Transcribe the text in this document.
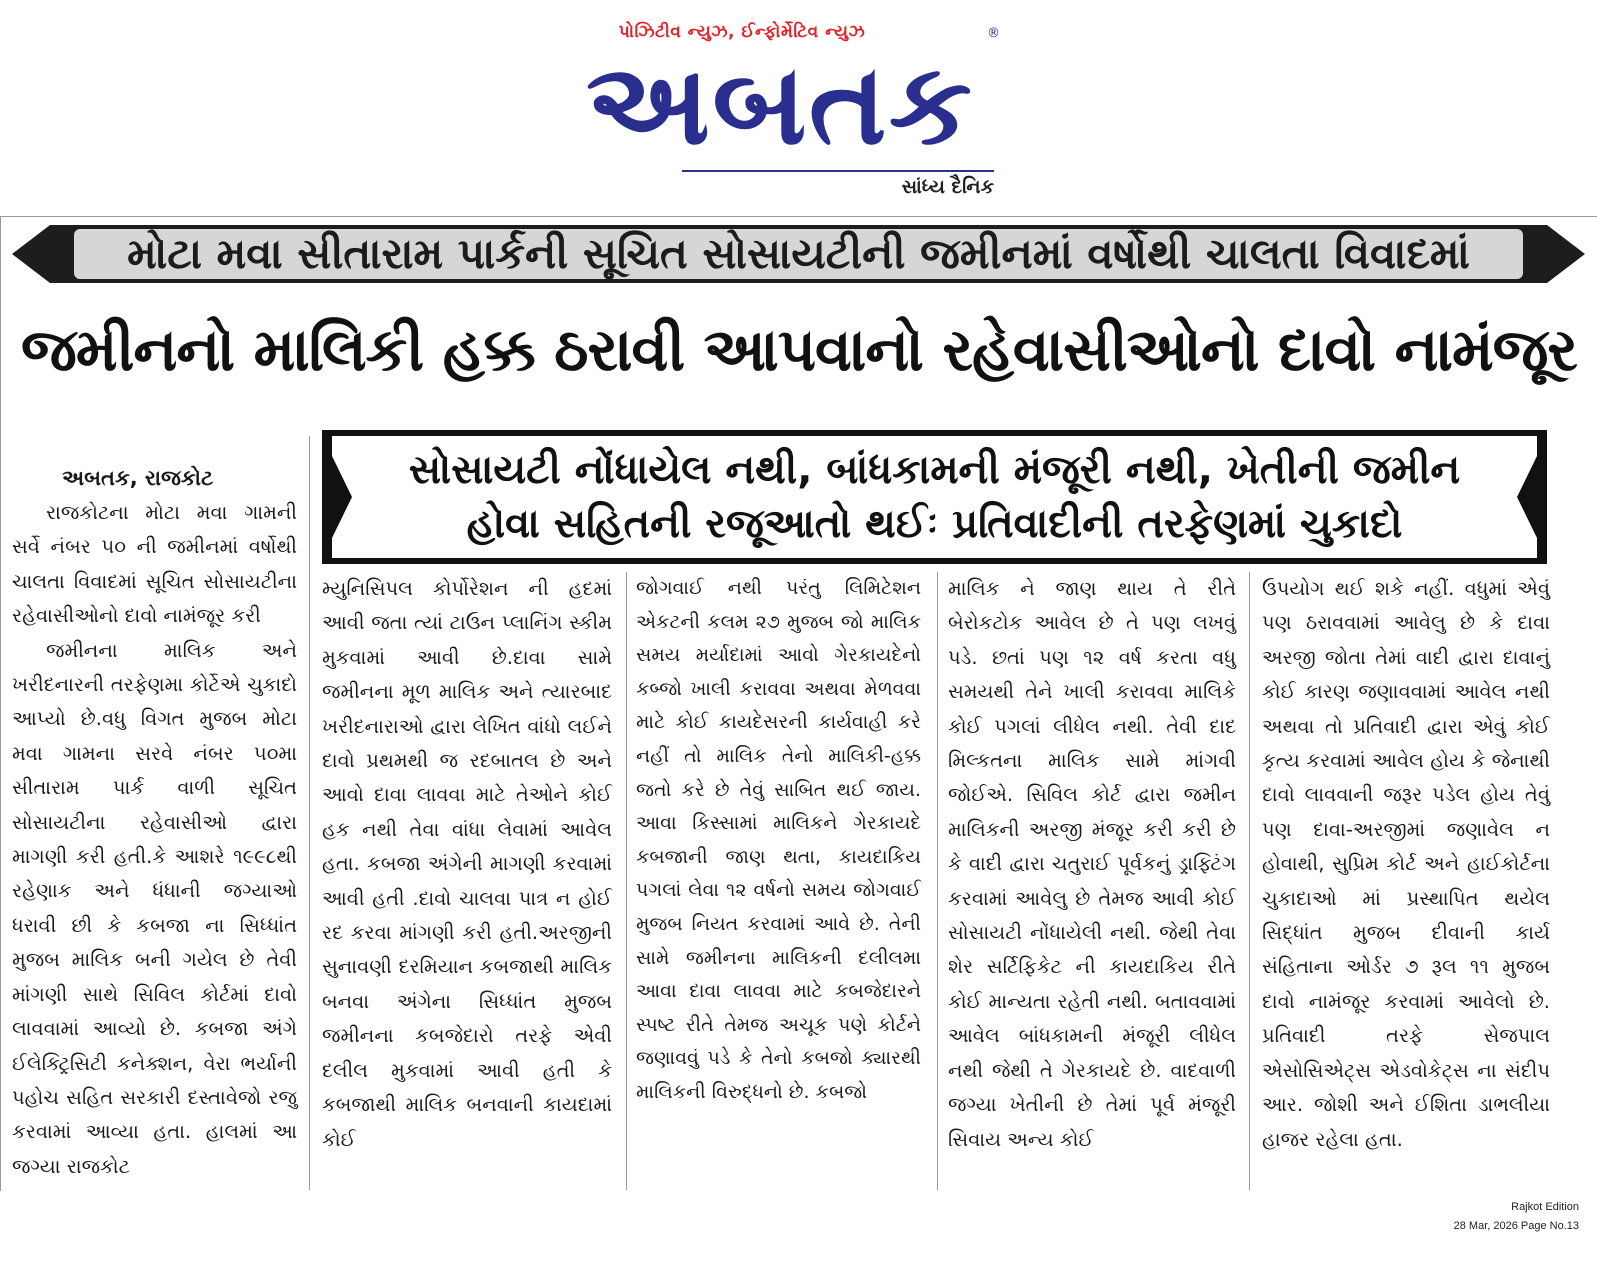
પોઝિટીવ ન્યુઝ, ઈન્ફોર્મેટિવ ન્યુઝ	®
અબતક
સાંધ્ય દૈનિક
મોટા મવા સીતારામ પાર્કની સૂચિત સોસાયટીની જમીનમાં વર્ષોથી ચાલતા વિવાદમાં
જમીનનો માલિકી હક્ક ઠરાવી આપવાનો રહેવાસીઓનો દાવો નામંજૂર
સોસાયટી નોંધાયેલ નથી, બાંધકામની મંજૂરી નથી, ખેતીની જમીન
હોવા સહિતની રજૂઆતો થઈઃ પ્રતિવાદીની તરફેણમાં ચુકાદો
અબતક, રાજકોટ

રાજકોટના મોટા મવા ગામની સર્વે નંબર ૫૦ ની જમીનમાં વર્ષોથી ચાલતા વિવાદમાં સૂચિત સોસાયટીના રહેવાસીઓનો દાવો નામંજૂર કરી

જમીનના માલિક અને ખરીદનારની તરફેણમા કોર્ટેએ ચુકાદો આપ્યો છે.વધુ વિગત મુજબ મોટા મવા ગામના સરવે નંબર ૫૦મા સીતારામ પાર્ક વાળી સૂચિત સોસાયટીના રહેવાસીઓ દ્વારા માગણી કરી હતી.કે આશરે ૧૯૯૮થી રહેણાક અને ધંધાની જગ્યાઓ ધરાવી છી કે કબજા ના સિધ્ધાંત મુજબ માલિક બની ગયેલ છે તેવી માંગણી સાથે સિવિલ કોર્ટમાં દાવો લાવવામાં આવ્યો છે. કબજા અંગે ઈલેક્ટ્રિસિટી કનેક્શન, વેરા ભર્યાની પહોચ સહિત સરકારી દસ્તાવેજો રજુ કરવામાં આવ્યા હતા. હાલમાં આ જગ્યા રાજકોટ

મ્યુનિસિપલ કોર્પોરેશન ની હદમાં આવી જતા ત્યાં ટાઉન પ્લાનિંગ સ્કીમ મુકવામાં આવી છે.દાવા સામે જમીનના મૂળ માલિક અને ત્યારબાદ ખરીદનારાઓ દ્વારા લેખિત વાંધો લઈને દાવો પ્રથમથી જ રદબાતલ છે અને આવો દાવા લાવવા માટે તેઓને કોઈ હક નથી તેવા વાંધા લેવામાં આવેલ હતા. કબજા અંગેની માગણી કરવામાં આવી હતી .દાવો ચાલવા પાત્ર ન હોઈ રદ કરવા માંગણી કરી હતી.અરજીની સુનાવણી દરમિયાન કબજાથી માલિક બનવા અંગેના સિધ્ધાંત મુજબ જમીનના કબજેદારો તરફે એવી દલીલ મુકવામાં આવી હતી કે કબજાથી માલિક બનવાની કાયદામાં કોઈ

જોગવાઈ નથી પરંતુ લિમિટેશન એકટની કલમ ૨૭ મુજબ જો માલિક સમય મર્યાદામાં આવો ગેરકાયદેનો કબ્જો ખાલી કરાવવા અથવા મેળવવા માટે કોઈ કાયદેસરની કાર્યવાહી કરે નહીં તો માલિક તેનો માલિકી-હક્ક જતો કરે છે તેવું સાબિત થઈ જાય. આવા કિસ્સામાં માલિકને ગેરકાયદે કબજાની જાણ થતા, કાયદાકિય પગલાં લેવા ૧૨ વર્ષનો સમય જોગવાઈ મુજબ નિયત કરવામાં આવે છે. તેની સામે જમીનના માલિકની દલીલમા આવા દાવા લાવવા માટે કબજેદારને સ્પષ્ટ રીતે તેમજ અચૂક પણે કોર્ટને જણાવવું પડે કે તેનો કબજો ક્યારથી માલિકની વિરુદ્ધનો છે. કબજો

માલિક ને જાણ થાય તે રીતે બેરોકટોક આવેલ છે તે પણ લખવું પડે. છતાં પણ ૧૨ વર્ષ કરતા વધુ સમયથી તેને ખાલી કરાવવા માલિકે કોઈ પગલાં લીધેલ નથી. તેવી દાદ મિલ્કતના માલિક સામે માંગવી જોઈએ. સિવિલ કોર્ટ દ્વારા જમીન માલિકની અરજી મંજૂર કરી કરી છે કે વાદી દ્વારા ચતુરાઈ પૂર્વકનું ડ્રાફ્ટિંગ કરવામાં આવેલુ છે તેમજ આવી કોઈ સોસાયટી નોંધાયેલી નથી. જેથી તેવા શેર સર્ટિફિકેટ ની કાયદાકિય રીતે કોઈ માન્યતા રહેતી નથી. બતાવવામાં આવેલ બાંધકામની મંજૂરી લીધેલ નથી જેથી તે ગેરકાયદે છે. વાદવાળી જગ્યા ખેતીની છે તેમાં પૂર્વ મંજૂરી સિવાય અન્ય કોઈ

ઉપયોગ થઈ શકે નહીં. વધુમાં એવું પણ ઠરાવવામાં આવેલુ છે કે દાવા અરજી જોતા તેમાં વાદી દ્વારા દાવાનું કોઈ કારણ જણાવવામાં આવેલ નથી અથવા તો પ્રતિવાદી દ્વારા એવું કોઈ કૃત્ય કરવામાં આવેલ હોય કે જેનાથી દાવો લાવવાની જરૂર પડેલ હોય તેવું પણ દાવા-અરજીમાં જણાવેલ ન હોવાથી, સુપ્રિમ કોર્ટ અને હાઈકોર્ટના ચુકાદાઓ માં પ્રસ્થાપિત થયેલ સિદ્ધાંત મુજબ દીવાની કાર્ય સંહિતાના ઓર્ડર ૭ રૂલ ૧૧ મુજબ દાવો નામંજૂર કરવામાં આવેલો છે. પ્રતિવાદી તરફે સેજપાલ એસોસિએટ્સ એડવોકેટ્સ ના સંદીપ આર. જોશી અને ઈશિતા ડાભલીયા હાજર રહેલા હતા.

Rajkot Edition
28 Mar, 2026 Page No.13
